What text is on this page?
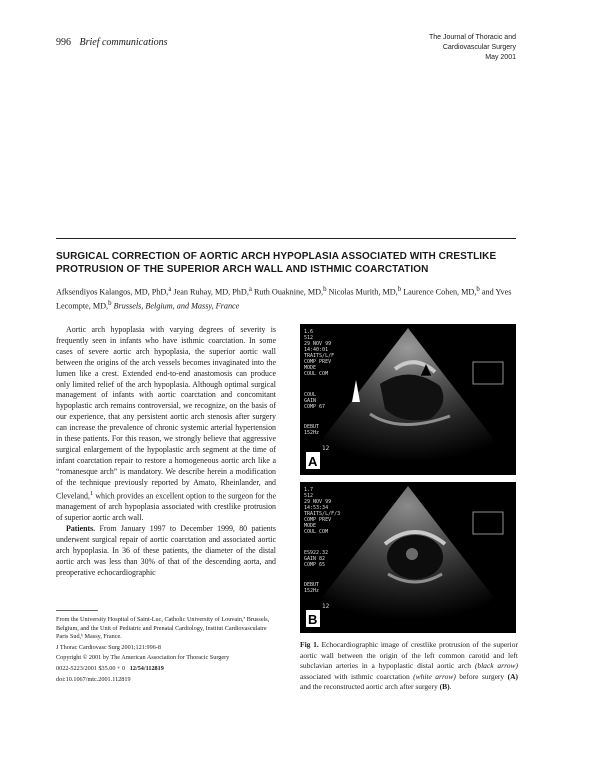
996 Brief communications	The Journal of Thoracic and
Cardiovascular Surgery
May 2001
SURGICAL CORRECTION OF AORTIC ARCH HYPOPLASIA ASSOCIATED WITH CRESTLIKE
PROTRUSION OF THE SUPERIOR ARCH WALL AND ISTHMIC COARCTATION
Afksendiyos Kalangos, MD, PhD,$^a$ Jean Ruhay, MD, PhD,$^a$ Ruth Ouaknine, MD,$^b$ Nicolas Murith, MD,$^b$ Laurence Cohen, MD,$^b$ and Yves Lecompte, MD,$^b$ Brussels, Belgium, and Massy, France

Aortic arch hypoplasia with varying degrees of severity is frequently seen in infants who have isthmic coarctation. In some cases of severe aortic arch hypoplasia, the superior aortic wall between the origins of the arch vessels becomes invaginated into the lumen like a crest. Extended end-to-end anastomosis can produce only limited relief of the arch hypoplasia. Although optimal surgical management of infants with aortic coarctation and concomitant hypoplastic arch remains controversial, we recognize, on the basis of our experience, that any persistent aortic arch stenosis after surgery can increase the prevalence of chronic systemic arterial hypertension in these patients. For this reason, we strongly believe that aggressive surgical enlargement of the hypoplastic arch segment at the time of infant coarctation repair to restore a homogeneous aortic arch like a “romanesque arch” is mandatory. We describe herein a modification of the technique previously reported by Amato, Rheinlander, and Cleveland,$^1$ which provides an excellent option to the surgeon for the management of arch hypoplasia associated with crestlike protrusion of superior aortic arch wall.

Patients. From January 1997 to December 1999, 80 patients underwent surgical repair of aortic coarctation and associated aortic arch hypoplasia. In 36 of these patients, the diameter of the distal aortic arch was less than 30% of that of the descending aorta, and preoperative echocardiographic

From the University Hospital of Saint-Luc, Catholic University of Louvain,ª Brussels, Belgium, and the Unit of Pediatric and Prenatal Cardiology, Institut Cardiovasculaire Paris Sud,ᵇ Massy, France.

J Thorac Cardiovasc Surg 2001;121:996-8

Copyright © 2001 by The American Association for Thoracic Surgery

0022-5223/2001 $35.00 + 0 12/54/112819

doi:10.1067/mtc.2001.112819

1.6
512
29 NOV 99
14:40:01
TRAITS/L/F
COMP PREV
MODE
COUL COM
COUL
GAIN
COMP 67
DEBUT
152Hz
A
12
1.7
512
29 NOV 99
14:53:34
TRAITS/L/F/3
COMP PREV
MODE
COUL COM
ES922.32
GAIN 82
COMP 65
DEBUT
152Hz
B
12
Fig 1. Echocardiographic image of crestlike protrusion of the superior aortic wall between the origin of the left common carotid and left subclavian arteries in a hypoplastic distal aortic arch (black arrow) associated with isthmic coarctation (white arrow) before surgery (A) and the reconstructed aortic arch after surgery (B).
